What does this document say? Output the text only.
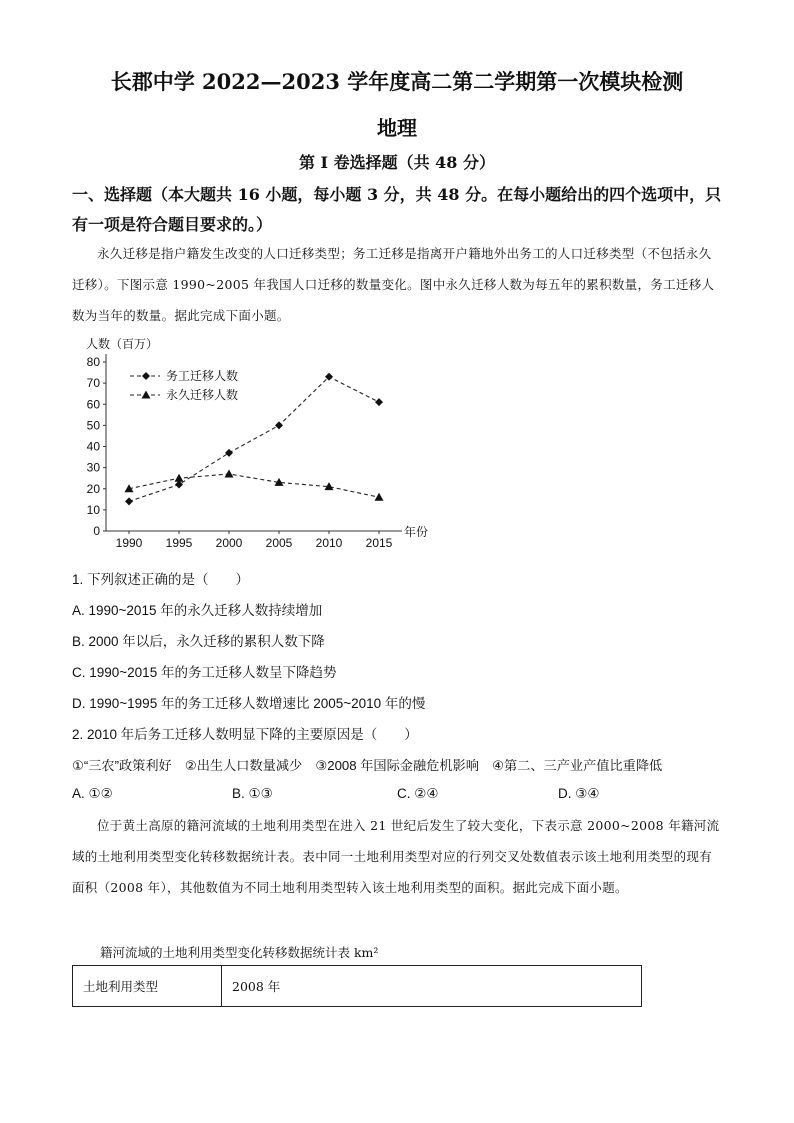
长郡中学 2022—2023 学年度高二第二学期第一次模块检测
地理
第 I 卷选择题（共 48 分）
一、选择题（本大题共 16 小题，每小题 3 分，共 48 分。在每小题给出的四个选项中，只有一项是符合题目要求的。）
永久迁移是指户籍发生改变的人口迁移类型；务工迁移是指离开户籍地外出务工的人口迁移类型（不包括永久迁移）。下图示意 1990~2005 年我国人口迁移的数量变化。图中永久迁移人数为每五年的累积数量，务工迁移人数为当年的数量。据此完成下面小题。
0
10
20
30
40
50
60
70
80
1990 1995 2000 2005 2010 2015
人数（百万）
年份
务工迁移人数
永久迁移人数
1. 下列叙述正确的是（　　）
A. 1990~2015 年的永久迁移人数持续增加
B. 2000 年以后，永久迁移的累积人数下降
C. 1990~2015 年的务工迁移人数呈下降趋势
D. 1990~1995 年的务工迁移人数增速比 2005~2010 年的慢
2. 2010 年后务工迁移人数明显下降的主要原因是（　　）
①“三农”政策利好　②出生人口数量减少　③2008 年国际金融危机影响　④第二、三产业产值比重降低
A. ①②	B. ①③	C. ②④	D. ③④
位于黄土高原的籍河流域的土地利用类型在进入 21 世纪后发生了较大变化，下表示意 2000~2008 年籍河流域的土地利用类型变化转移数据统计表。表中同一土地利用类型对应的行列交叉处数值表示该土地利用类型的现有面积（2008 年），其他数值为不同土地利用类型转入该土地利用类型的面积。据此完成下面小题。
籍河流域的土地利用类型变化转移数据统计表 km²
土地利用类型	2008 年
